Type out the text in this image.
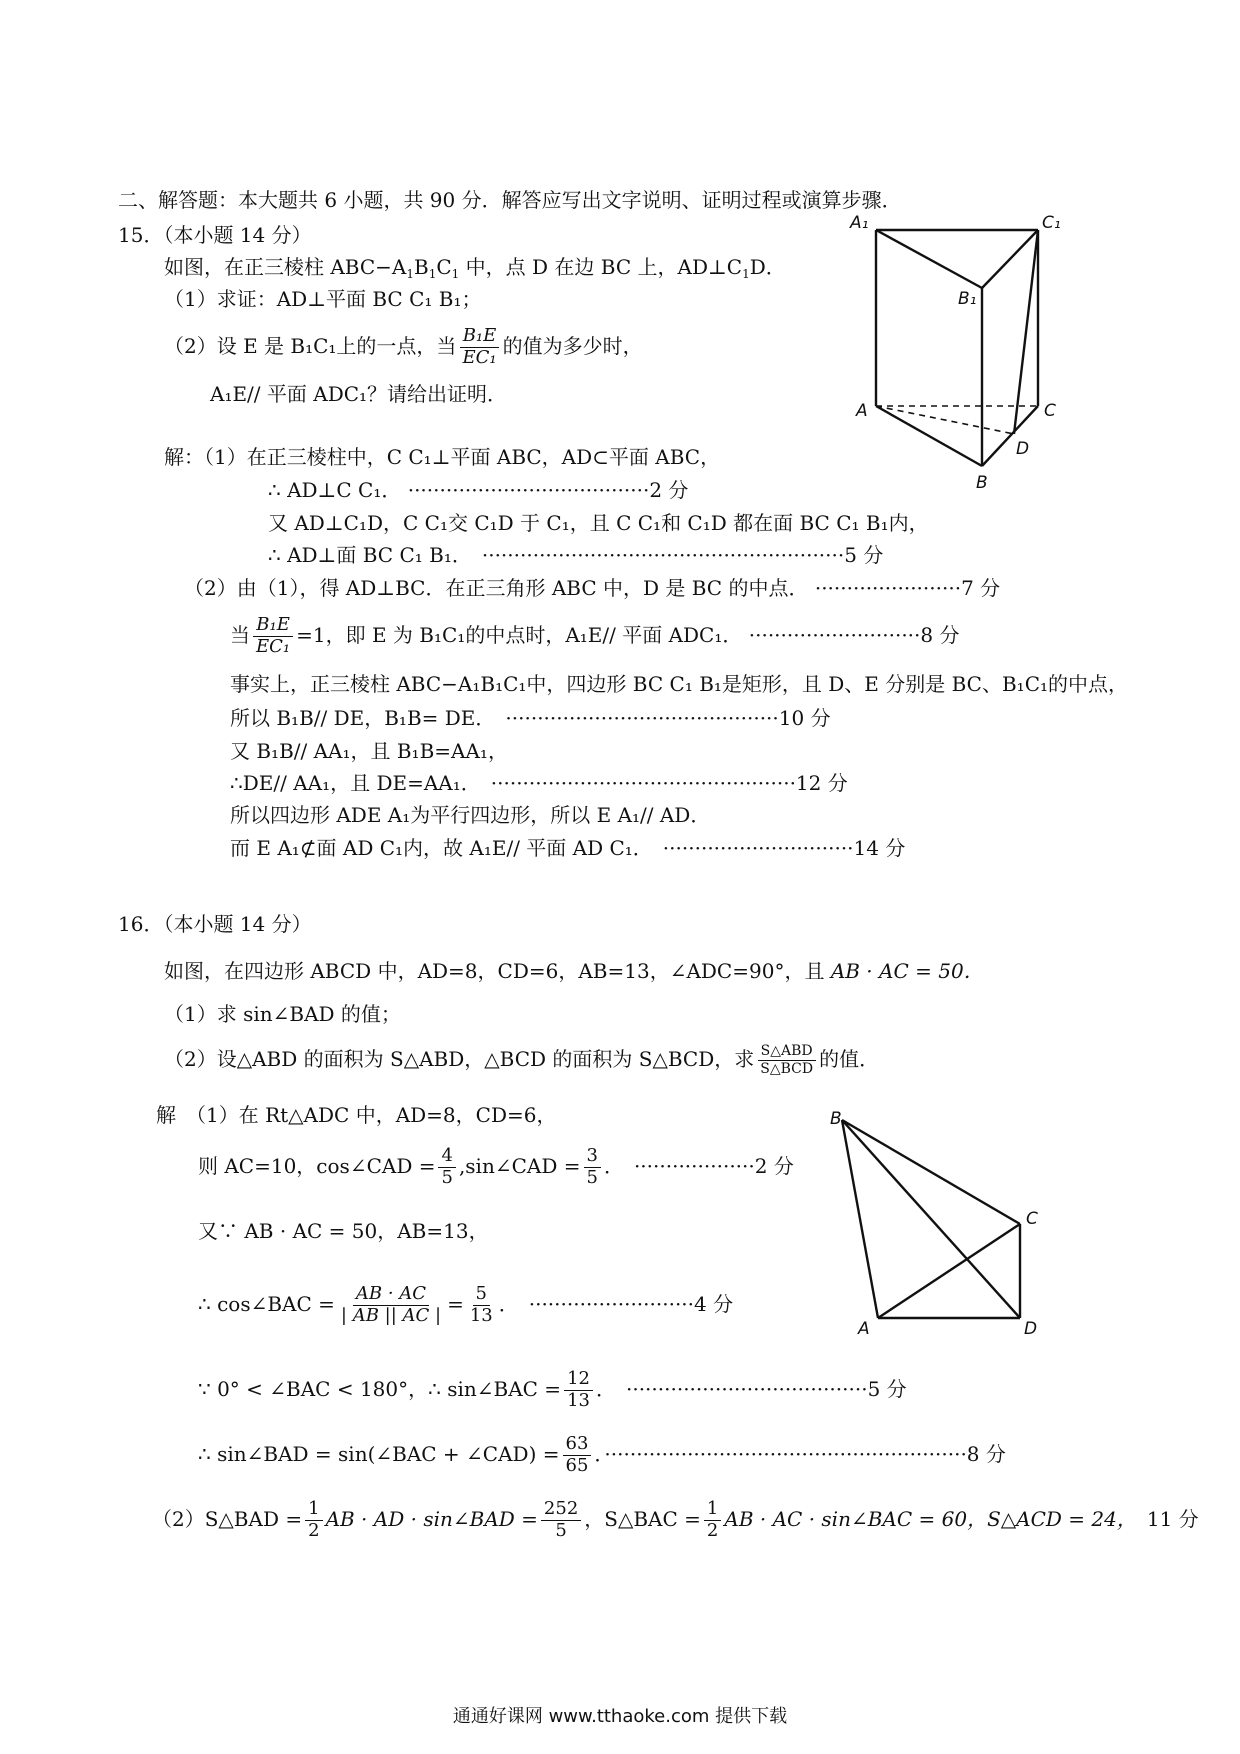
二、解答题：本大题共 6 小题，共 90 分．解答应写出文字说明、证明过程或演算步骤．
15．（本小题 14 分）
如图，在正三棱柱 $ABC-A_1B_1C_1$ 中，点 D 在边 BC 上，$AD\perp C_1D$．
（1）求证：AD⊥平面 BC C₁ B₁；
（2）设 E 是 B₁C₁上的一点，当 $\frac{\text{B₁E}}{\text{EC₁}}$ 的值为多少时，
A₁E// 平面 ADC₁？请给出证明．
解：（1）在正三棱柱中，C C₁⊥平面 ABC，AD⊂平面 ABC，
∴ AD⊥C C₁． ······································2 分
又 AD⊥C₁D，C C₁交 C₁D 于 C₁，且 C C₁和 C₁D 都在面 BC C₁ B₁内，
∴ AD⊥面 BC C₁ B₁．　·························································5 分
（2）由（1），得 AD⊥BC．在正三角形 ABC 中，D 是 BC 的中点． ·······················7 分
当 $\frac{\text{B₁E}}{\text{EC₁}} =1$，即 E 为 B₁C₁的中点时，A₁E// 平面 ADC₁． ···························8 分
事实上，正三棱柱 ABC−A₁B₁C₁中，四边形 BC C₁ B₁是矩形，且 D、E 分别是 BC、B₁C₁的中点，
所以 B₁B// DE，B₁B= DE．　···········································10 分
又 B₁B// AA₁，且 B₁B=AA₁，
∴DE// AA₁，且 DE=AA₁．　················································12 分
所以四边形 ADE A₁为平行四边形，所以 E A₁// AD．
而 E A₁⊄面 AD C₁内，故 A₁E// 平面 AD C₁．　······························14 分
A₁	C₁
B₁
A	C
D
B
16．（本小题 14 分）
如图，在四边形 ABCD 中，AD=8，CD=6，AB=13，∠ADC=90°，且 AB · AC = 50．
（1）求 sin∠BAD 的值；
（2）设△ABD 的面积为 S△ABD，△BCD 的面积为 S△BCD，求 $\frac{\text{S△ABD}}{\text{S△BCD}}$ 的值．
解　（1）在 Rt△ADC 中，AD=8，CD=6，
则 AC=10，cos∠CAD = $\frac{4}{5}$ ,sin∠CAD = $\frac{3}{5}$ ．　···················2 分
又∵ AB · AC = 50，AB=13，
∴ cos∠BAC = $\frac{AB \cdot AC}{| AB || AC |} = \frac{5}{13}$ ．　··························4 分
∵ 0° < ∠BAC < 180°，∴ sin∠BAC = $\frac{12}{13}$ ．　······································5 分
∴ sin∠BAD = sin(∠BAC + ∠CAD) = $\frac{63}{65}$ ．·························································8 分
（2）S△BAD = $\frac{1}{2}$ AB · AD · sin∠BAD = $\frac{252}{5}$ ，S△BAC = $\frac{1}{2}$ AB · AC · sin∠BAC = 60，S△ACD = 24，　 11 分
B
C
A	D
通通好课网 www.tthaoke.com 提供下载
